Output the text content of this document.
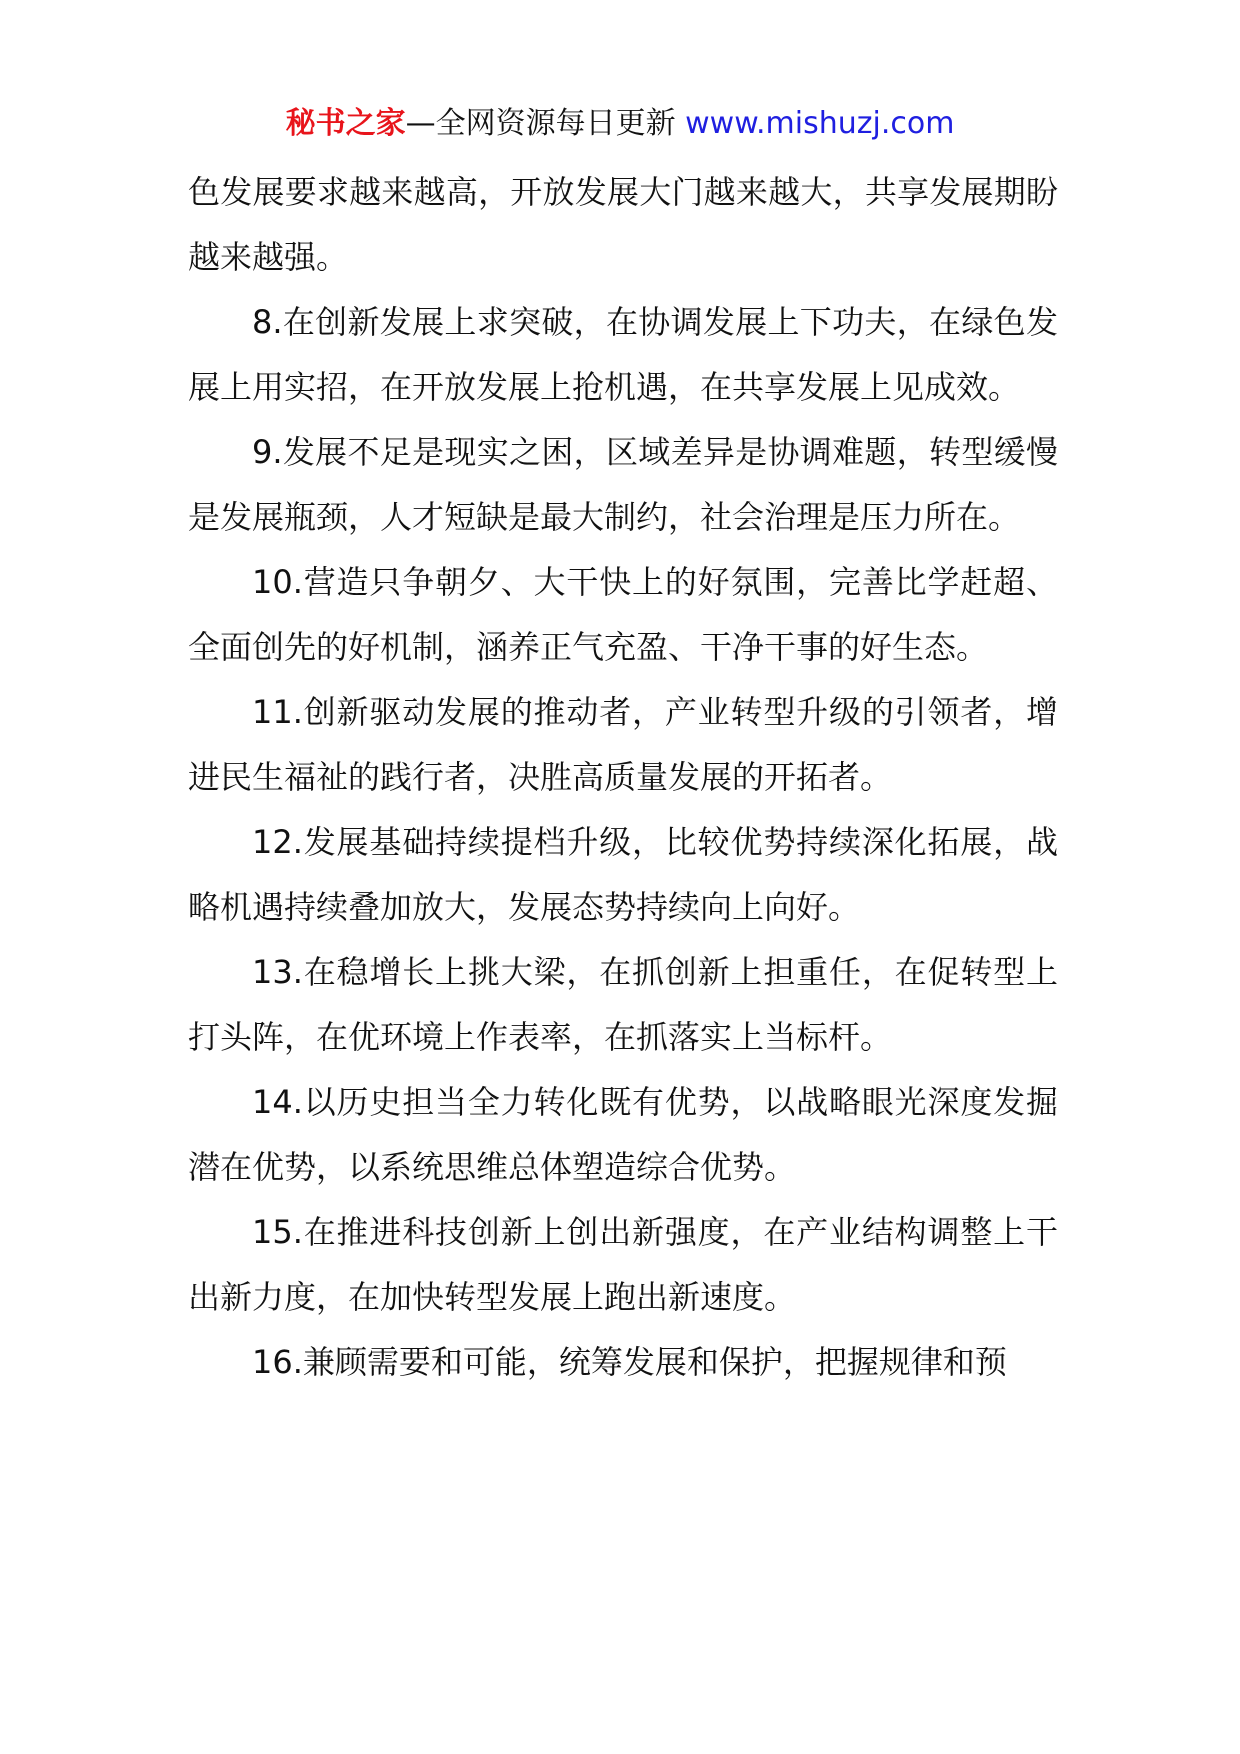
秘书之家—全网资源每日更新 www.mishuzj.com

色发展要求越来越高，开放发展大门越来越大，共享发展期盼越来越强。

8.在创新发展上求突破，在协调发展上下功夫，在绿色发展上用实招，在开放发展上抢机遇，在共享发展上见成效。

9.发展不足是现实之困，区域差异是协调难题，转型缓慢是发展瓶颈，人才短缺是最大制约，社会治理是压力所在。

10.营造只争朝夕、大干快上的好氛围，完善比学赶超、全面创先的好机制，涵养正气充盈、干净干事的好生态。

11.创新驱动发展的推动者，产业转型升级的引领者，增进民生福祉的践行者，决胜高质量发展的开拓者。

12.发展基础持续提档升级，比较优势持续深化拓展，战略机遇持续叠加放大，发展态势持续向上向好。

13.在稳增长上挑大梁，在抓创新上担重任，在促转型上打头阵，在优环境上作表率，在抓落实上当标杆。

14.以历史担当全力转化既有优势，以战略眼光深度发掘潜在优势，以系统思维总体塑造综合优势。

15.在推进科技创新上创出新强度，在产业结构调整上干出新力度，在加快转型发展上跑出新速度。

16.兼顾需要和可能，统筹发展和保护，把握规律和预
